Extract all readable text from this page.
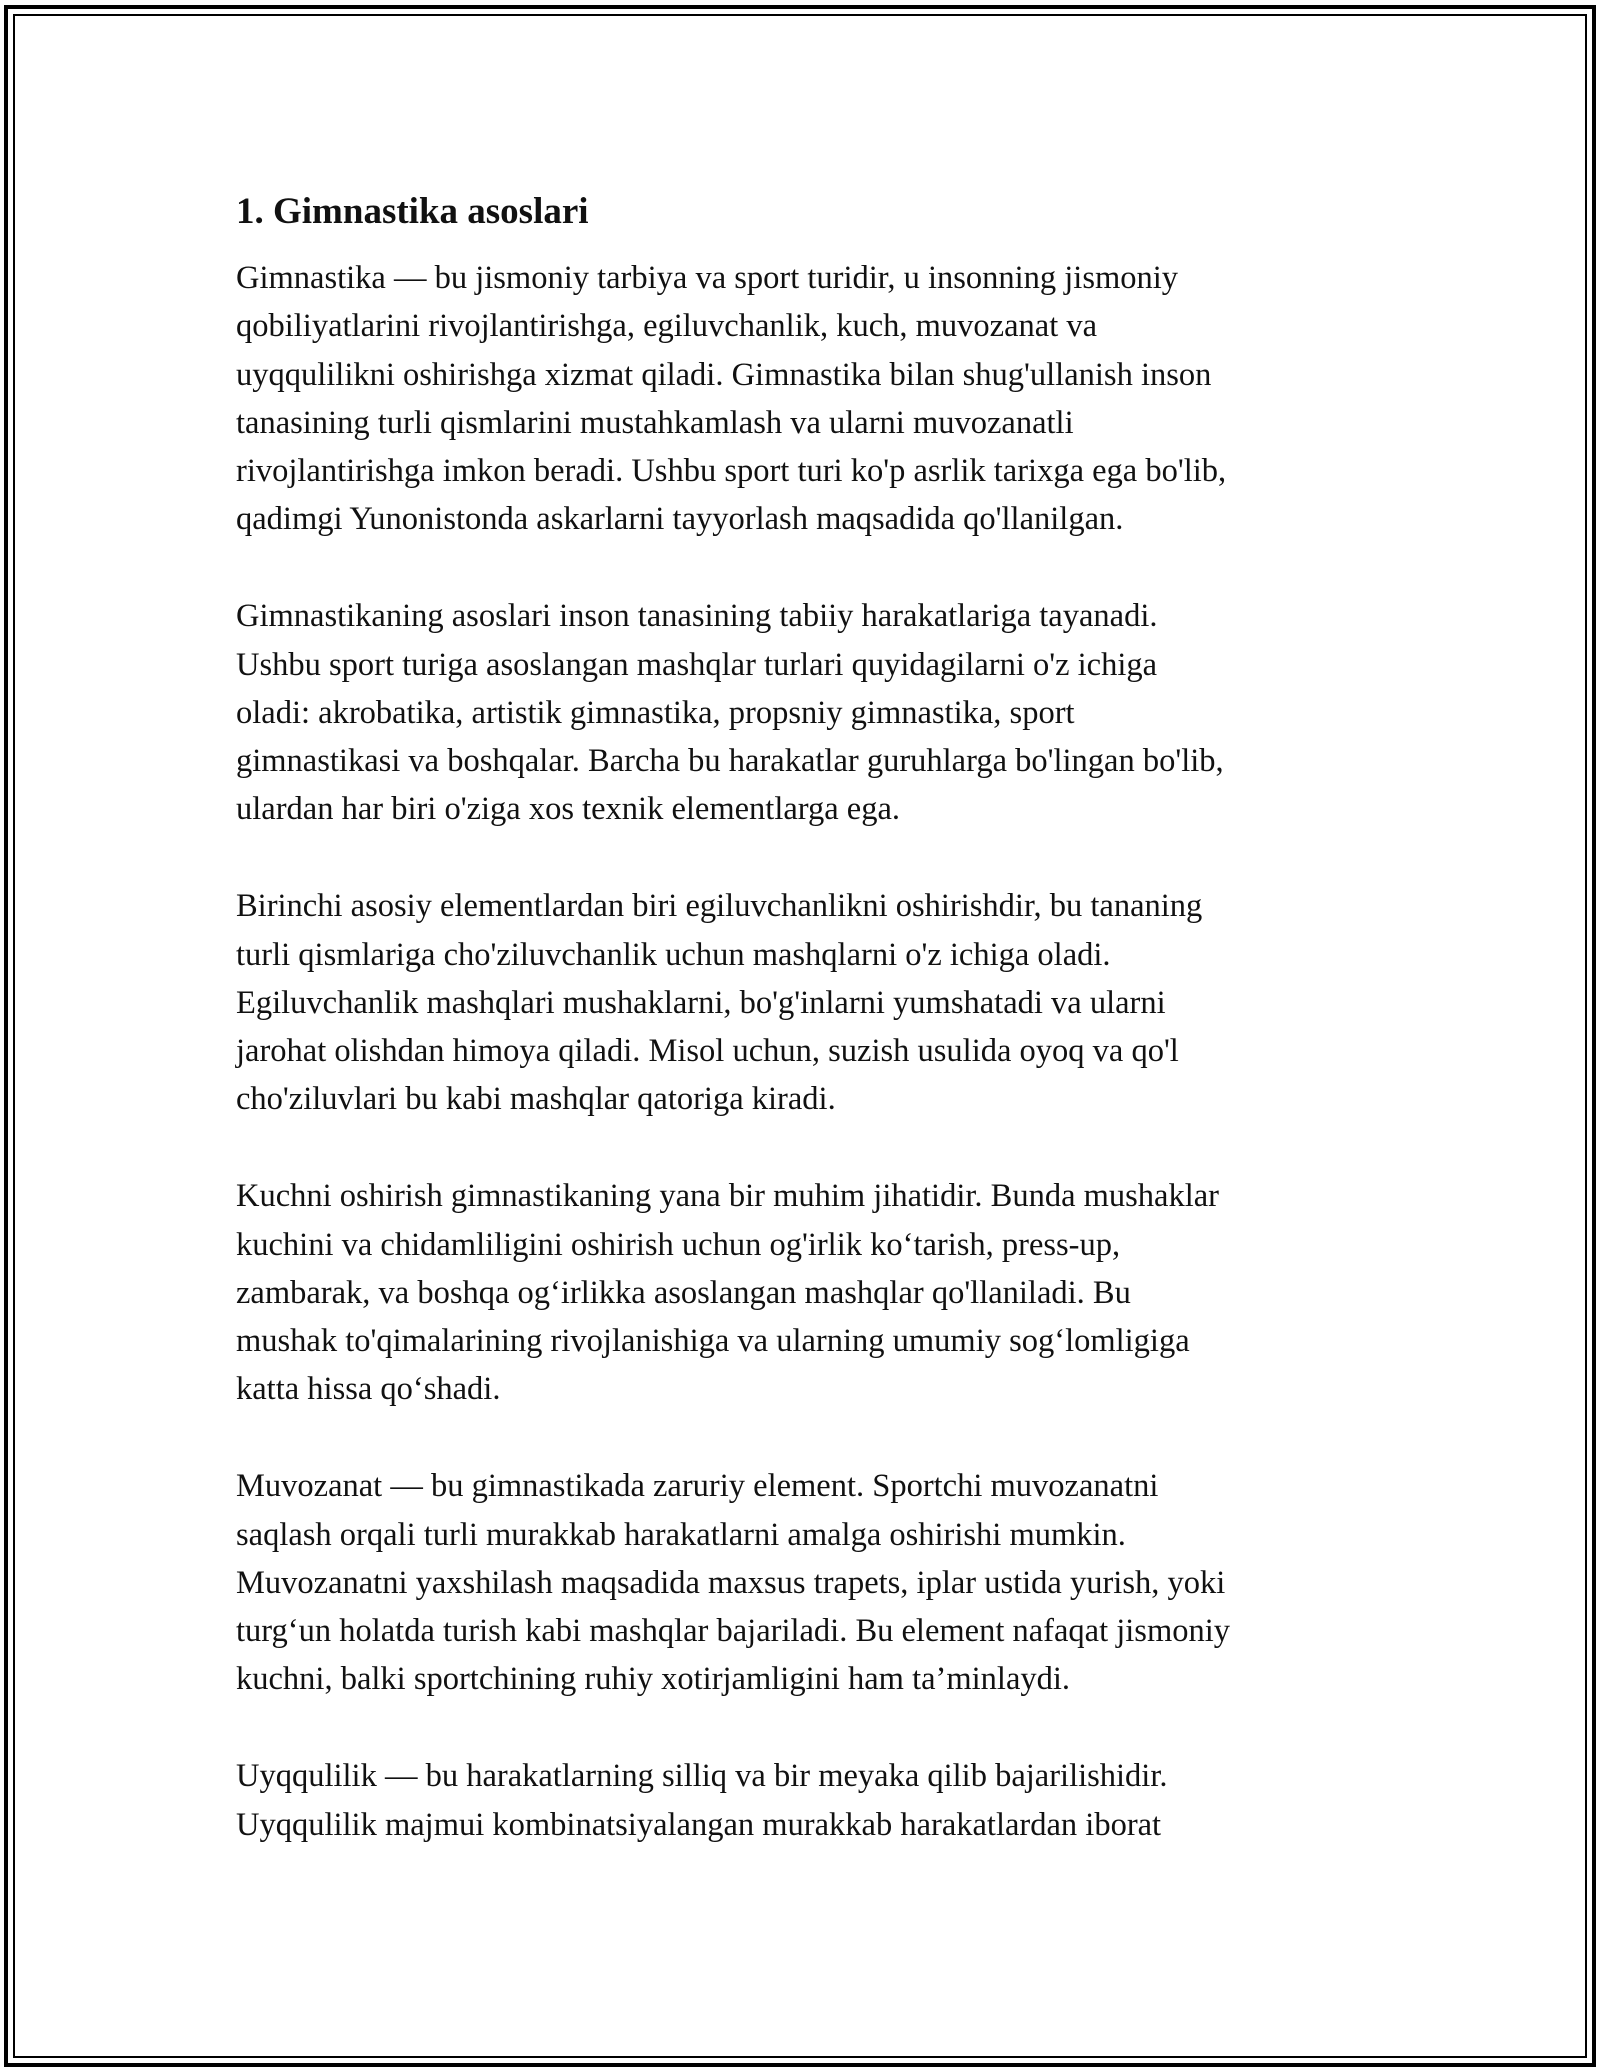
1. Gimnastika asoslari

Gimnastika — bu jismoniy tarbiya va sport turidir, u insonning jismoniy
qobiliyatlarini rivojlantirishga, egiluvchanlik, kuch, muvozanat va
uyqqulilikni oshirishga xizmat qiladi. Gimnastika bilan shug'ullanish inson
tanasining turli qismlarini mustahkamlash va ularni muvozanatli
rivojlantirishga imkon beradi. Ushbu sport turi ko'p asrlik tarixga ega bo'lib,
qadimgi Yunonistonda askarlarni tayyorlash maqsadida qo'llanilgan.

Gimnastikaning asoslari inson tanasining tabiiy harakatlariga tayanadi.
Ushbu sport turiga asoslangan mashqlar turlari quyidagilarni o'z ichiga
oladi: akrobatika, artistik gimnastika, propsniy gimnastika, sport
gimnastikasi va boshqalar. Barcha bu harakatlar guruhlarga bo'lingan bo'lib,
ulardan har biri o'ziga xos texnik elementlarga ega.

Birinchi asosiy elementlardan biri egiluvchanlikni oshirishdir, bu tananing
turli qismlariga cho'ziluvchanlik uchun mashqlarni o'z ichiga oladi.
Egiluvchanlik mashqlari mushaklarni, bo'g'inlarni yumshatadi va ularni
jarohat olishdan himoya qiladi. Misol uchun, suzish usulida oyoq va qo'l
cho'ziluvlari bu kabi mashqlar qatoriga kiradi.

Kuchni oshirish gimnastikaning yana bir muhim jihatidir. Bunda mushaklar
kuchini va chidamliligini oshirish uchun og'irlik ko‘tarish, press-up,
zambarak, va boshqa og‘irlikka asoslangan mashqlar qo'llaniladi. Bu
mushak to'qimalarining rivojlanishiga va ularning umumiy sog‘lomligiga
katta hissa qo‘shadi.

Muvozanat — bu gimnastikada zaruriy element. Sportchi muvozanatni
saqlash orqali turli murakkab harakatlarni amalga oshirishi mumkin.
Muvozanatni yaxshilash maqsadida maxsus trapets, iplar ustida yurish, yoki
turg‘un holatda turish kabi mashqlar bajariladi. Bu element nafaqat jismoniy
kuchni, balki sportchining ruhiy xotirjamligini ham ta’minlaydi.

Uyqqulilik — bu harakatlarning silliq va bir meyaka qilib bajarilishidir.
Uyqqulilik majmui kombinatsiyalangan murakkab harakatlardan iborat
